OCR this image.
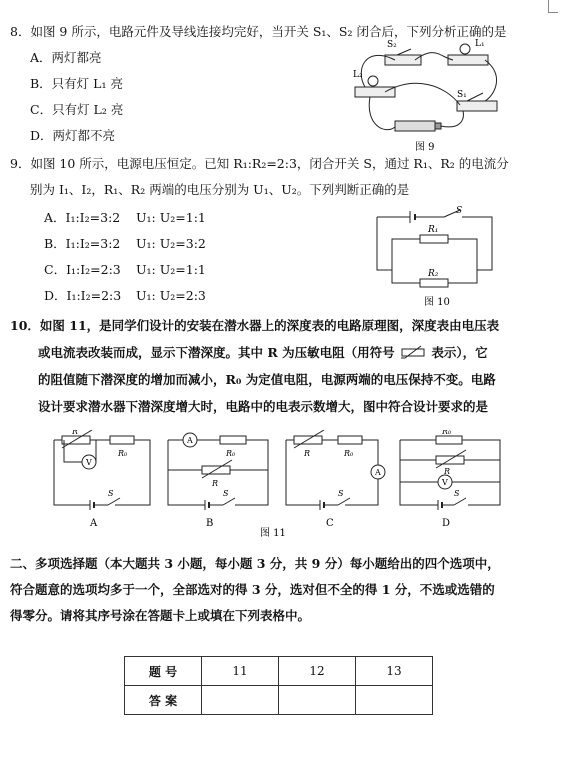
8．如图 9 所示，电路元件及导线连接均完好，当开关 S₁、S₂ 闭合后，下列分析正确的是
A．两灯都亮
B．只有灯 L₁ 亮
C．只有灯 L₂ 亮
D．两灯都不亮
S₂	L₁
L₂
S₁
图 9
9．如图 10 所示，电源电压恒定。已知 R₁:R₂=2:3，闭合开关 S，通过 R₁、R₂ 的电流分
别为 I₁、I₂，R₁、R₂ 两端的电压分别为 U₁、U₂。下列判断正确的是
A．I₁:I₂=3:2 U₁: U₂=1:1
B．I₁:I₂=3:2 U₁: U₂=3:2
C．I₁:I₂=2:3 U₁: U₂=1:1
D．I₁:I₂=2:3 U₁: U₂=2:3
S
R₁
R₂
图 10
10．如图 11，是同学们设计的安装在潜水器上的深度表的电路原理图，深度表由电压表
或电流表改装而成，显示下潜深度。其中 R 为压敏电阻（用符号	表示），它
的阻值随下潜深度的增加而减小，R₀ 为定值电阻，电源两端的电压保持不变。电路
设计要求潜水器下潜深度增大时，电路中的电表示数增大，图中符合设计要求的是
R
R₀
V
S
A
R₀
R
S
R	R₀
A
S
R₀
R
V
S
A	B	C	D
图 11
二、多项选择题（本大题共 3 小题，每小题 3 分，共 9 分）每小题给出的四个选项中，
符合题意的选项均多于一个，全部选对的得 3 分，选对但不全的得 1 分，不选或选错的
得零分。请将其序号涂在答题卡上或填在下列表格中。
题 号	11	12	13
答 案			
